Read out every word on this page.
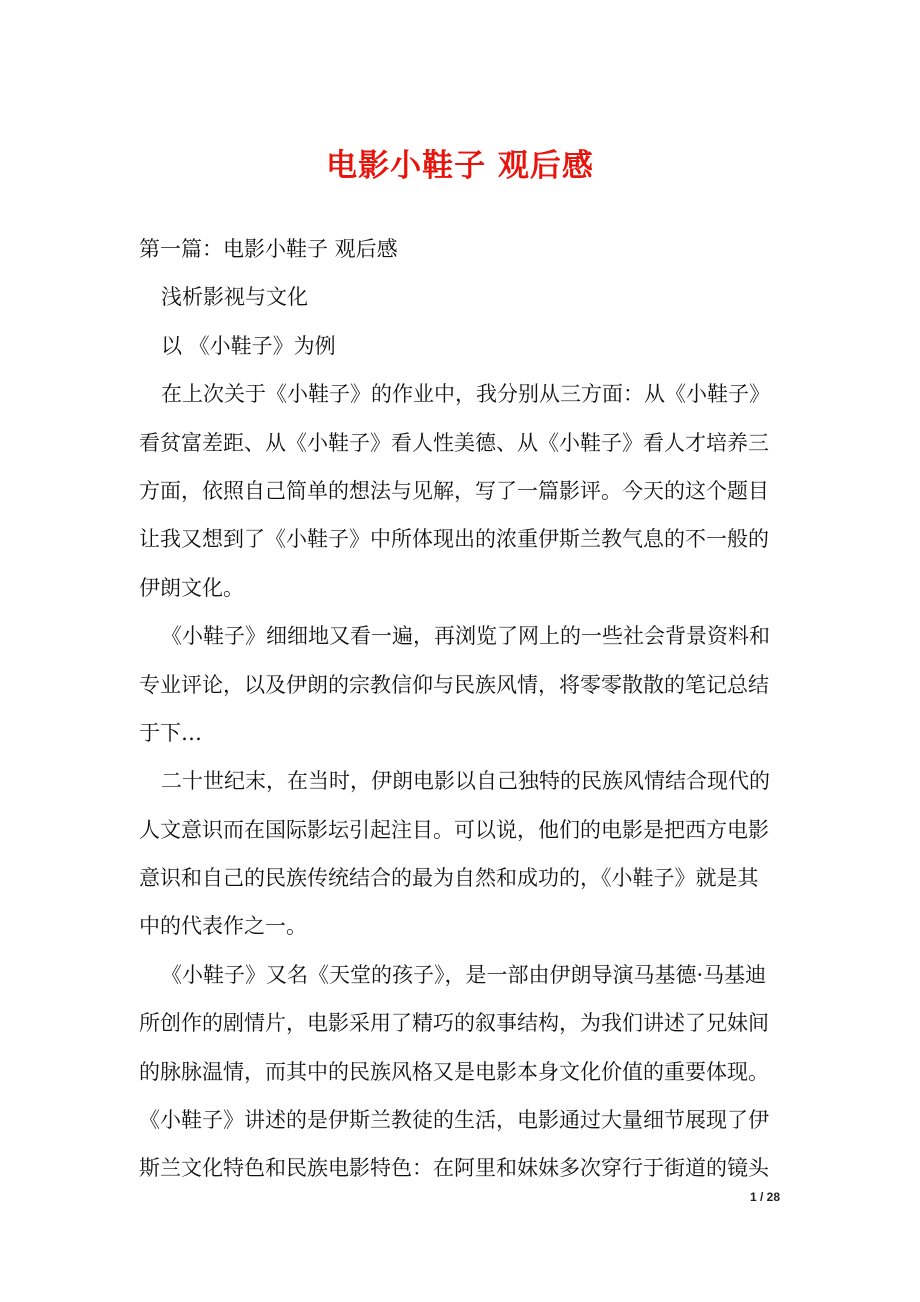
电影小鞋子 观后感
第一篇：电影小鞋子 观后感
浅析影视与文化
以 《小鞋子》为例
在上次关于《小鞋子》的作业中，我分别从三方面：从《小鞋子》
看贫富差距、从《小鞋子》看人性美德、从《小鞋子》看人才培养三
方面，依照自己简单的想法与见解，写了一篇影评。今天的这个题目
让我又想到了《小鞋子》中所体现出的浓重伊斯兰教气息的不一般的
伊朗文化。
《小鞋子》细细地又看一遍，再浏览了网上的一些社会背景资料和
专业评论，以及伊朗的宗教信仰与民族风情，将零零散散的笔记总结
于下…
二十世纪末，在当时，伊朗电影以自己独特的民族风情结合现代的
人文意识而在国际影坛引起注目。可以说，他们的电影是把西方电影
意识和自己的民族传统结合的最为自然和成功的，《小鞋子》就是其
中的代表作之一。
《小鞋子》又名《天堂的孩子》，是一部由伊朗导演马基德·马基迪
所创作的剧情片，电影采用了精巧的叙事结构，为我们讲述了兄妹间
的脉脉温情，而其中的民族风格又是电影本身文化价值的重要体现。
《小鞋子》讲述的是伊斯兰教徒的生活，电影通过大量细节展现了伊
斯兰文化特色和民族电影特色：在阿里和妹妹多次穿行于街道的镜头
1 / 28
